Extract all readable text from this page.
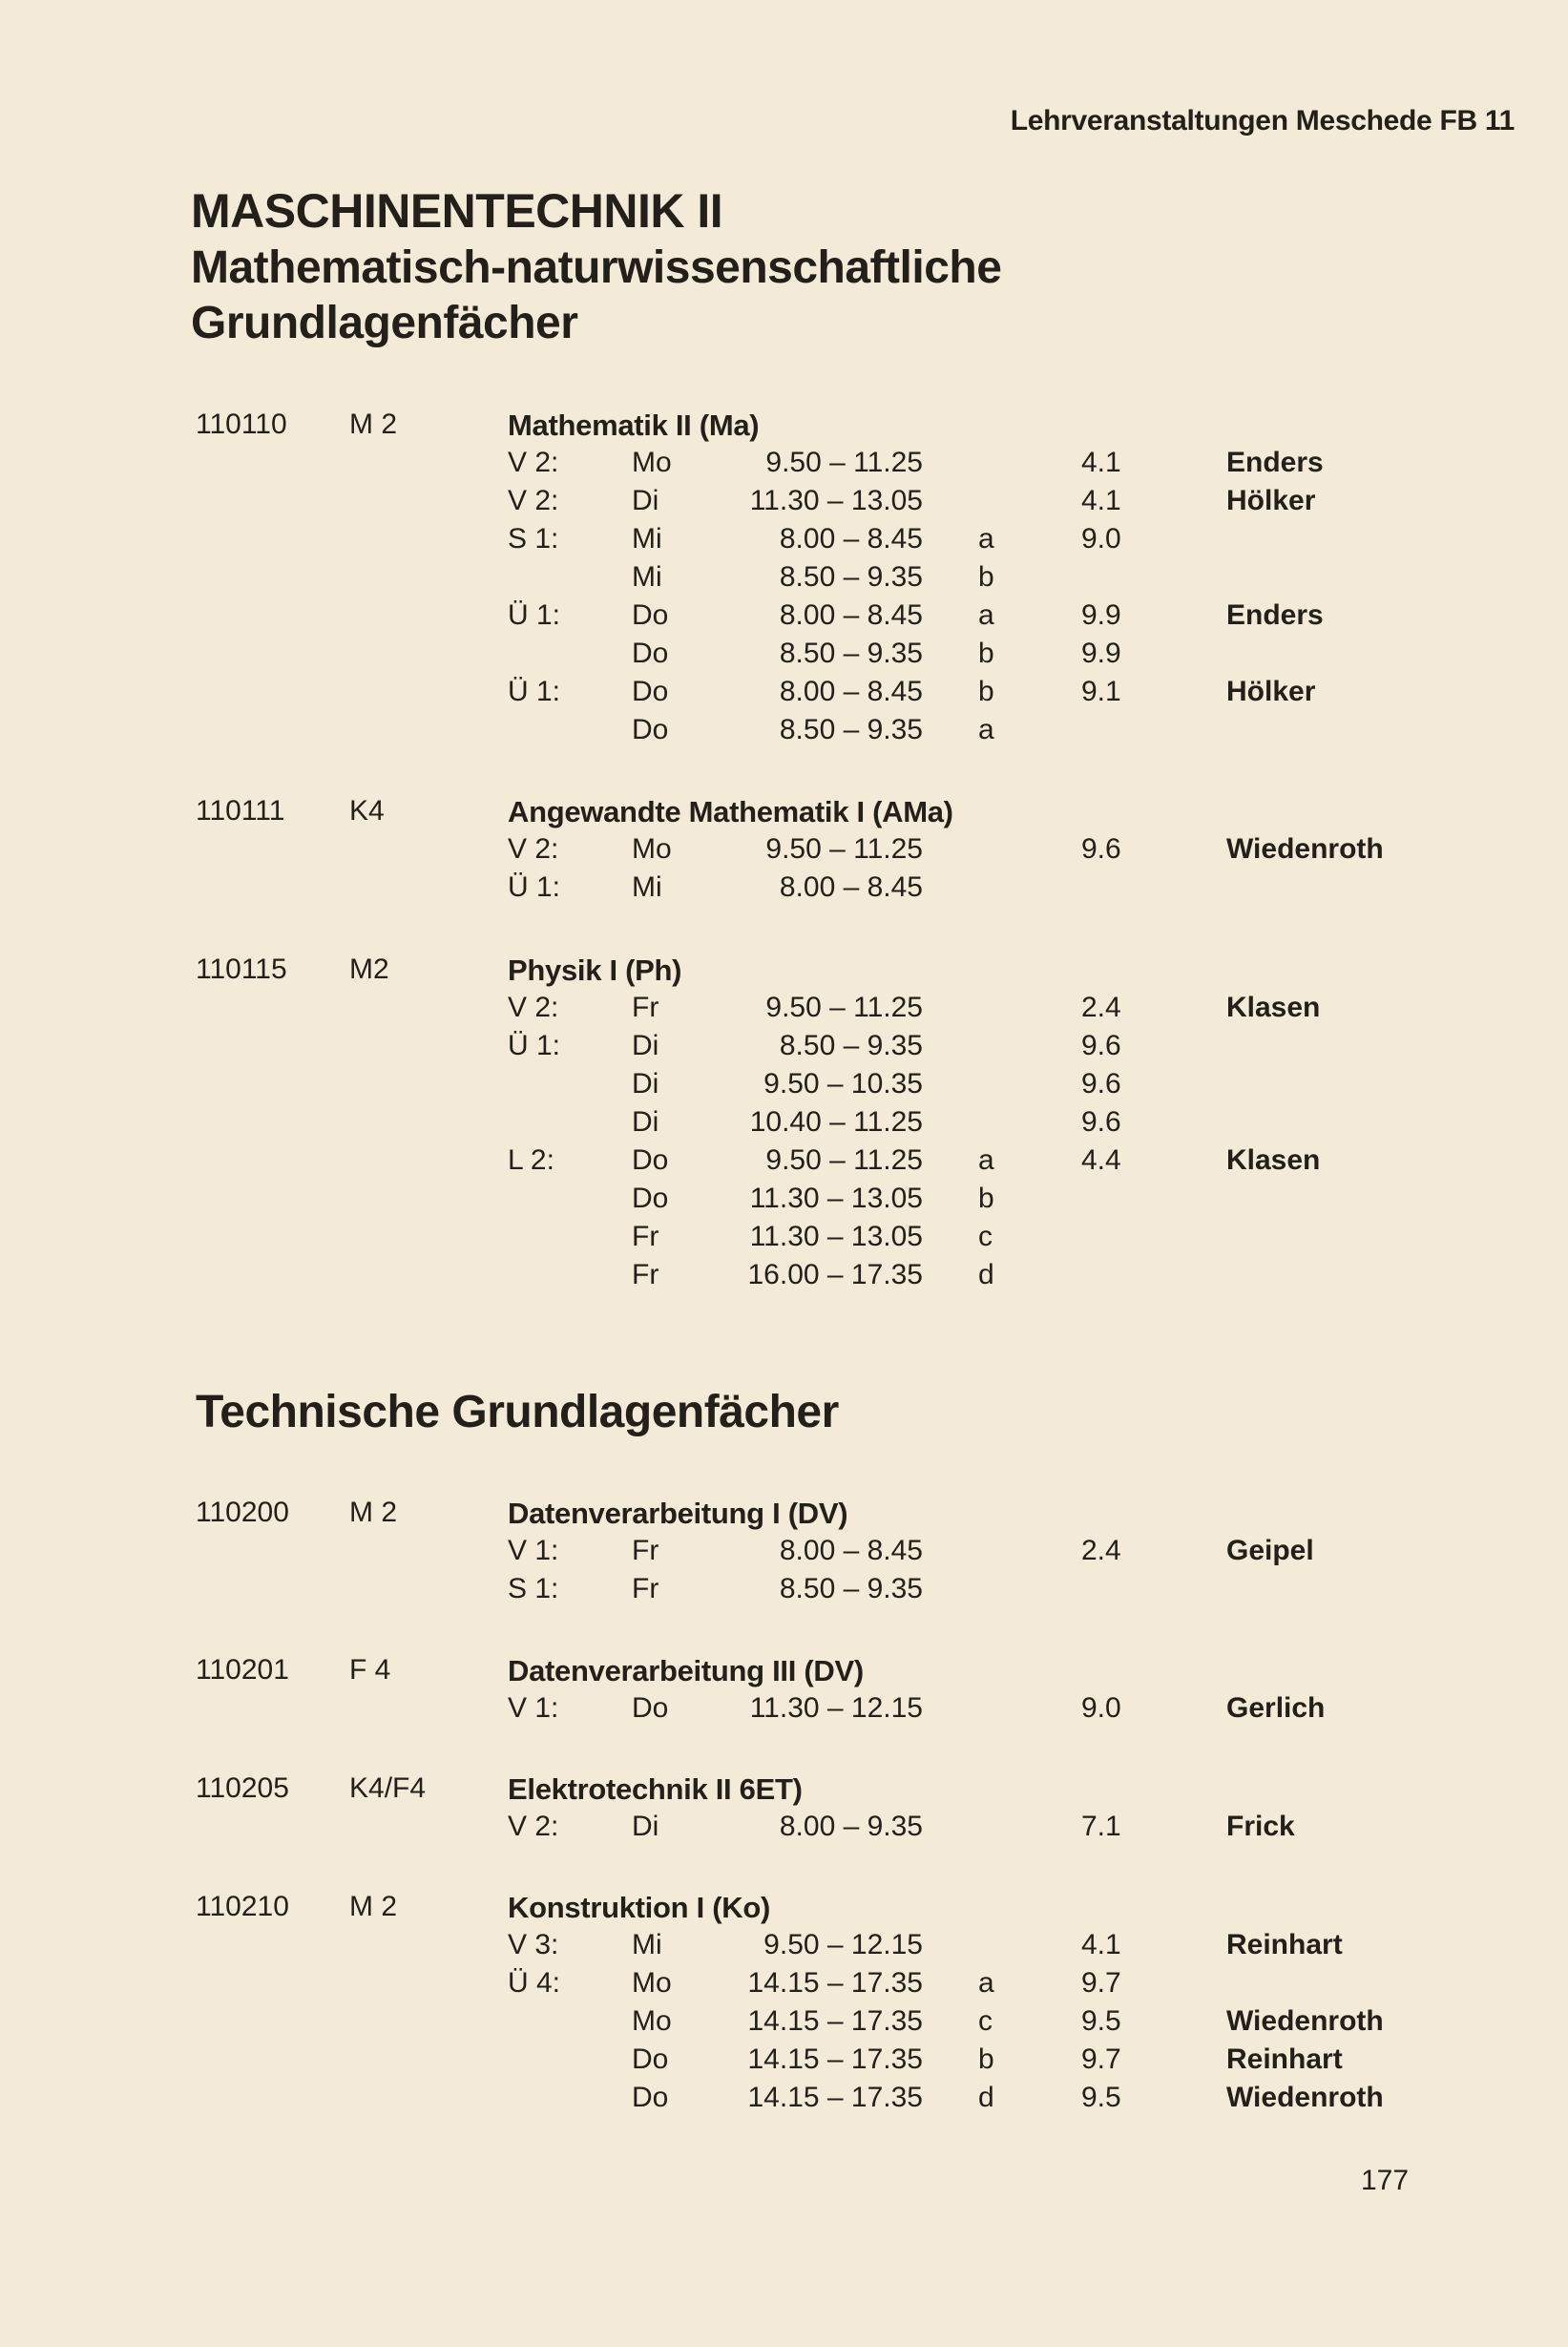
Lehrveranstaltungen Meschede FB 11
MASCHINENTECHNIK II
Mathematisch-naturwissenschaftliche Grundlagenfächer
110110 M 2	Mathematik II (Ma)
V 2:	Mo	9.50 – 11.25	4.1	Enders
V 2:	Di	11.30 – 13.05	4.1	Hölker
S 1:	Mi	8.00 – 8.45 a	9.0
Mi	8.50 – 9.35 b
Ü 1: Do	8.00 – 8.45 a	9.9	Enders
Do	8.50 – 9.35 b	9.9
Ü 1: Do	8.00 – 8.45 b	9.1	Hölker
Do	8.50 – 9.35 a
110111 K4	Angewandte Mathematik I (AMa)
V 2:	Mo	9.50 – 11.25	9.6	Wiedenroth
Ü 1: Mi	8.00 – 8.45
110115 M2	Physik I (Ph)
V 2:	Fr	9.50 – 11.25	2.4	Klasen
Ü 1: Di	8.50 – 9.35	9.6
Di	9.50 – 10.35	9.6
Di	10.40 – 11.25	9.6
L 2:	Do	9.50 – 11.25 a	4.4	Klasen
Do	11.30 – 13.05 b
Fr	11.30 – 13.05 c
Fr	16.00 – 17.35 d
Technische Grundlagenfächer
110200 M 2	Datenverarbeitung I (DV)
V 1:	Fr	8.00 – 8.45	2.4	Geipel
S 1:	Fr	8.50 – 9.35
110201 F 4	Datenverarbeitung III (DV)
V 1:	Do	11.30 – 12.15	9.0	Gerlich
110205 K4/F4	Elektrotechnik II 6ET)
V 2:	Di	8.00 – 9.35	7.1	Frick
110210 M 2	Konstruktion I (Ko)
V 3:	Mi	9.50 – 12.15	4.1	Reinhart
Ü 4: Mo	14.15 – 17.35 a	9.7
Mo	14.15 – 17.35 c	9.5	Wiedenroth
Do	14.15 – 17.35 b	9.7	Reinhart
Do	14.15 – 17.35 d	9.5	Wiedenroth
177
